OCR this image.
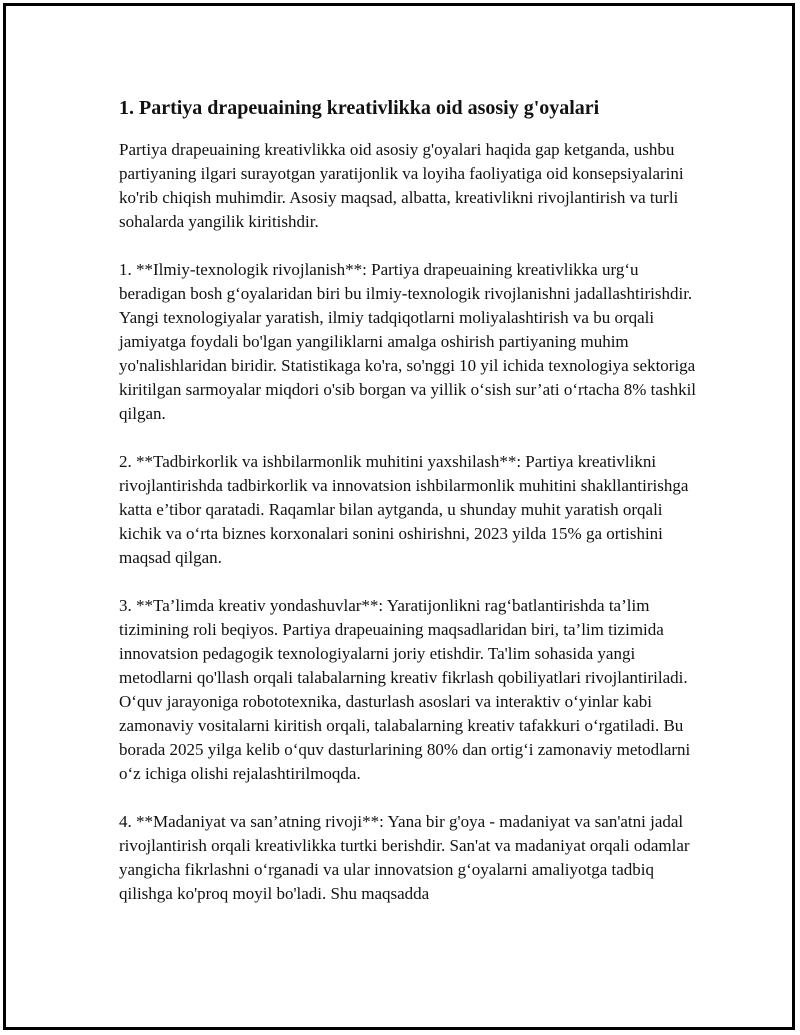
1. Partiya drapeuaining kreativlikka oid asosiy g'oyalari

Partiya drapeuaining kreativlikka oid asosiy g'oyalari haqida gap ketganda, ushbu partiyaning ilgari surayotgan yaratijonlik va loyiha faoliyatiga oid konsepsiyalarini ko'rib chiqish muhimdir. Asosiy maqsad, albatta, kreativlikni rivojlantirish va turli sohalarda yangilik kiritishdir.

1. **Ilmiy-texnologik rivojlanish**: Partiya drapeuaining kreativlikka urg‘u beradigan bosh g‘oyalaridan biri bu ilmiy-texnologik rivojlanishni jadallashtirishdir. Yangi texnologiyalar yaratish, ilmiy tadqiqotlarni moliyalashtirish va bu orqali jamiyatga foydali bo'lgan yangiliklarni amalga oshirish partiyaning muhim yo'nalishlaridan biridir. Statistikaga ko'ra, so'nggi 10 yil ichida texnologiya sektoriga kiritilgan sarmoyalar miqdori o'sib borgan va yillik o‘sish sur’ati o‘rtacha 8% tashkil qilgan.

2. **Tadbirkorlik va ishbilarmonlik muhitini yaxshilash**: Partiya kreativlikni rivojlantirishda tadbirkorlik va innovatsion ishbilarmonlik muhitini shakllantirishga katta e’tibor qaratadi. Raqamlar bilan aytganda, u shunday muhit yaratish orqali kichik va o‘rta biznes korxonalari sonini oshirishni, 2023 yilda 15% ga ortishini maqsad qilgan.

3. **Ta’limda kreativ yondashuvlar**: Yaratijonlikni rag‘batlantirishda ta’lim tizimining roli beqiyos. Partiya drapeuaining maqsadlaridan biri, ta’lim tizimida innovatsion pedagogik texnologiyalarni joriy etishdir. Ta'lim sohasida yangi metodlarni qo'llash orqali talabalarning kreativ fikrlash qobiliyatlari rivojlantiriladi. O‘quv jarayoniga robototexnika, dasturlash asoslari va interaktiv o‘yinlar kabi zamonaviy vositalarni kiritish orqali, talabalarning kreativ tafakkuri o‘rgatiladi. Bu borada 2025 yilga kelib o‘quv dasturlarining 80% dan ortig‘i zamonaviy metodlarni o‘z ichiga olishi rejalashtirilmoqda.

4. **Madaniyat va san’atning rivoji**: Yana bir g'oya - madaniyat va san'atni jadal rivojlantirish orqali kreativlikka turtki berishdir. San'at va madaniyat orqali odamlar yangicha fikrlashni o‘rganadi va ular innovatsion g‘oyalarni amaliyotga tadbiq qilishga ko'proq moyil bo'ladi. Shu maqsadda
